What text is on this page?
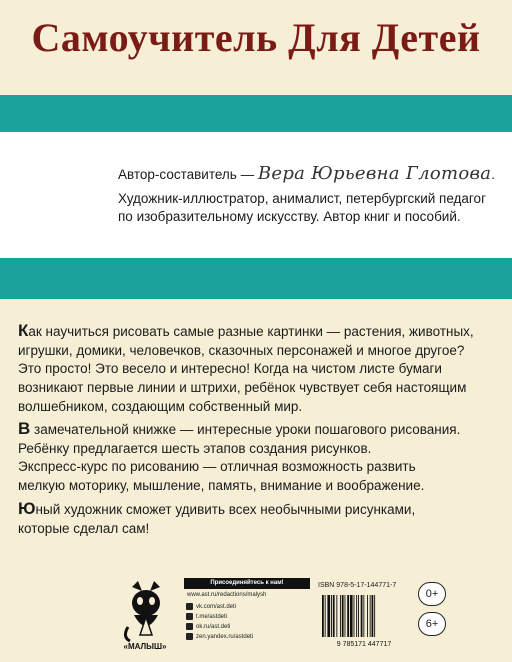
Самоучитель Для Детей
Автор-составитель — Вера Юрьевна Глотова.
Художник-иллюстратор, анималист, петербургский педагог
по изобразительному искусству. Автор книг и пособий.
Как научиться рисовать самые разные картинки — растения, животных,
игрушки, домики, человечков, сказочных персонажей и многое другое?
Это просто! Это весело и интересно! Когда на чистом листе бумаги
возникают первые линии и штрихи, ребёнок чувствует себя настоящим
волшебником, создающим собственный мир.
В замечательной книжке — интересные уроки пошагового рисования.
Ребёнку предлагается шесть этапов создания рисунков.
Экспресс-курс по рисованию — отличная возможность развить
мелкую моторику, мышление, память, внимание и воображение.
Юный художник сможет удивить всех необычными рисунками,
которые сделал сам!
«МАЛЫШ»
Присоединяйтесь к нам!
www.ast.ru/redactions/malysh
vk.com/ast.deti
t.me/astdeti
ok.ru/ast.deti
zen.yandex.ru/astdeti
ISBN 978-5-17-144771-7
9 785171 447717
0+
6+
